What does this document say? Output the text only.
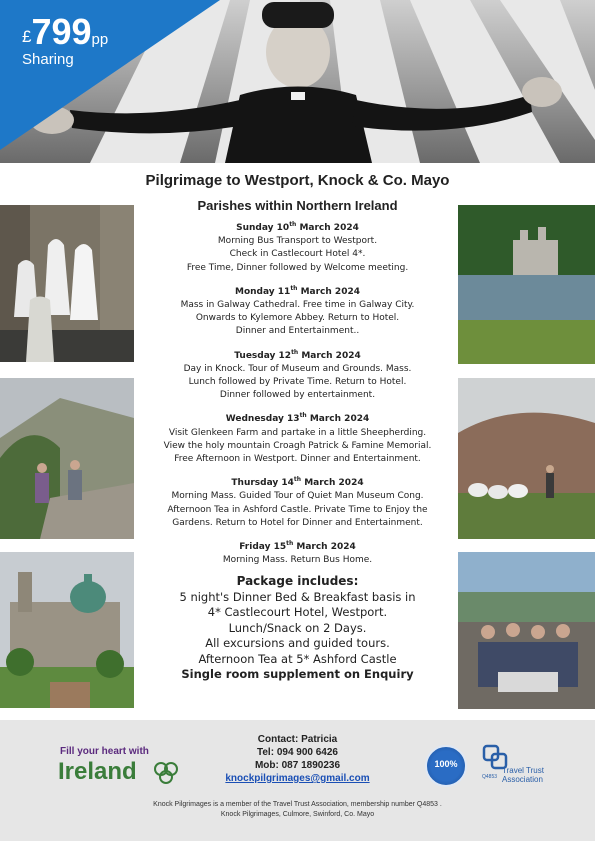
£799pp
Sharing
Pilgrimage to Westport, Knock & Co. Mayo
Parishes within Northern Ireland
Sunday 10th March 2024
Morning Bus Transport to Westport.
Check in Castlecourt Hotel 4*.
Free Time, Dinner followed by Welcome meeting.
Monday 11th March 2024
Mass in Galway Cathedral. Free time in Galway City.
Onwards to Kylemore Abbey. Return to Hotel.
Dinner and Entertainment..
Tuesday 12th March 2024
Day in Knock. Tour of Museum and Grounds. Mass.
Lunch followed by Private Time. Return to Hotel.
Dinner followed by entertainment.
Wednesday 13th March 2024
Visit Glenkeen Farm and partake in a little Sheepherding.
View the holy mountain Croagh Patrick & Famine Memorial.
Free Afternoon in Westport. Dinner and Entertainment.
Thursday 14th March 2024
Morning Mass. Guided Tour of Quiet Man Museum Cong.
Afternoon Tea in Ashford Castle. Private Time to Enjoy the
Gardens. Return to Hotel for Dinner and Entertainment.
Friday 15th March 2024
Morning Mass. Return Bus Home.
Package includes:
5 night's Dinner Bed & Breakfast basis in
4* Castlecourt Hotel, Westport.
Lunch/Snack on 2 Days.
All excursions and guided tours.
Afternoon Tea at 5* Ashford Castle
Single room supplement on Enquiry
Fill your heart with
Ireland
Contact: Patricia
Tel: 094 900 6426
Mob: 087 1890236
knockpilgrimages@gmail.com
100%
Q4853
Travel Trust Association
Knock Pilgrimages is a member of the Travel Trust Association, membership number Q4853 .
Knock Pilgrimages, Culmore, Swinford, Co. Mayo
